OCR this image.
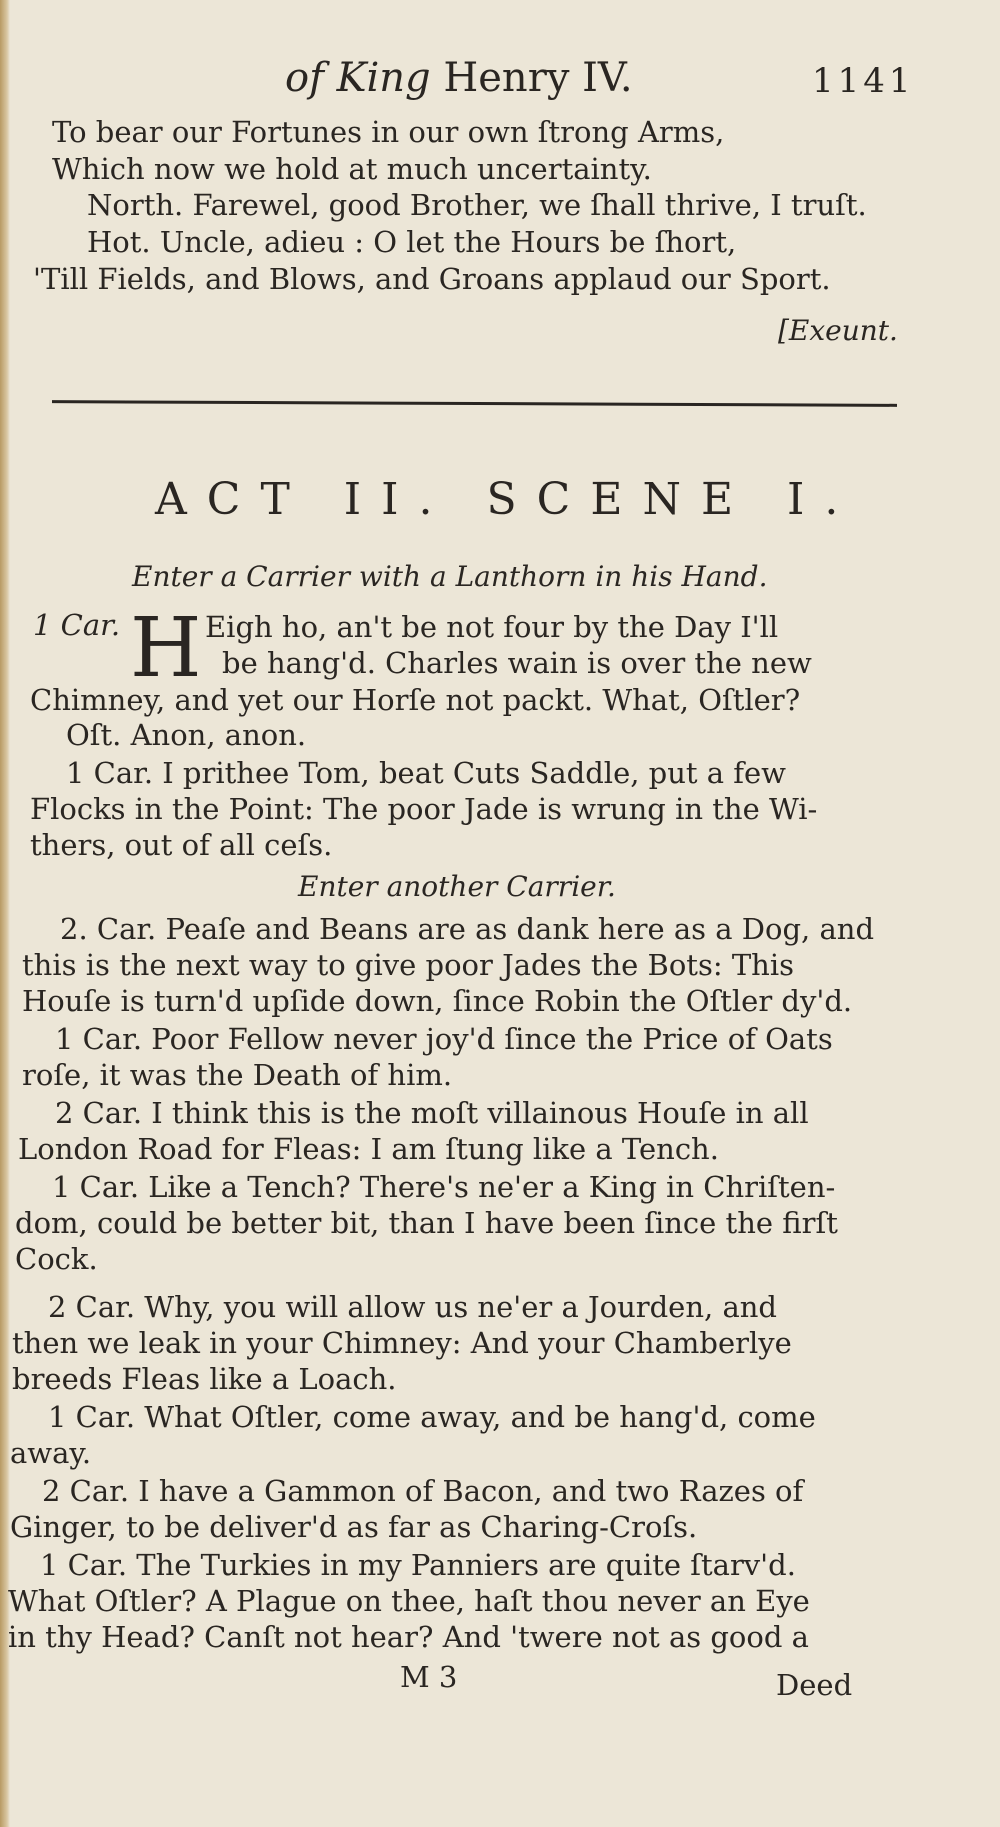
of King Henry IV.	1141
To bear our Fortunes in our own ſtrong Arms,
Which now we hold at much uncertainty.
North. Farewel, good Brother, we ſhall thrive, I truſt.
Hot. Uncle, adieu : O let the Hours be ſhort,
'Till Fields, and Blows, and Groans applaud our Sport.
[Exeunt.
ACT II. SCENE I.
Enter a Carrier with a Lanthorn in his Hand.
H
1 Car.	Eigh ho, an't be not four by the Day I'll
be hang'd. Charles wain is over the new
Chimney, and yet our Horſe not packt. What, Oſtler?
Oſt. Anon, anon.
1 Car. I prithee Tom, beat Cuts Saddle, put a few
Flocks in the Point: The poor Jade is wrung in the Wi-
thers, out of all ceſs.
Enter another Carrier.
2. Car. Peaſe and Beans are as dank here as a Dog, and
this is the next way to give poor Jades the Bots: This
Houſe is turn'd upſide down, ſince Robin the Oſtler dy'd.
1 Car. Poor Fellow never joy'd ſince the Price of Oats
roſe, it was the Death of him.
2 Car. I think this is the moſt villainous Houſe in all
London Road for Fleas: I am ſtung like a Tench.
1 Car. Like a Tench? There's ne'er a King in Chriſten-
dom, could be better bit, than I have been ſince the firſt
Cock.
2 Car. Why, you will allow us ne'er a Jourden, and
then we leak in your Chimney: And your Chamberlye
breeds Fleas like a Loach.
1 Car. What Oſtler, come away, and be hang'd, come
away.
2 Car. I have a Gammon of Bacon, and two Razes of
Ginger, to be deliver'd as far as Charing-Croſs.
1 Car. The Turkies in my Panniers are quite ſtarv'd.
What Oſtler? A Plague on thee, haſt thou never an Eye
in thy Head? Canſt not hear? And 'twere not as good a
M 3	Deed
